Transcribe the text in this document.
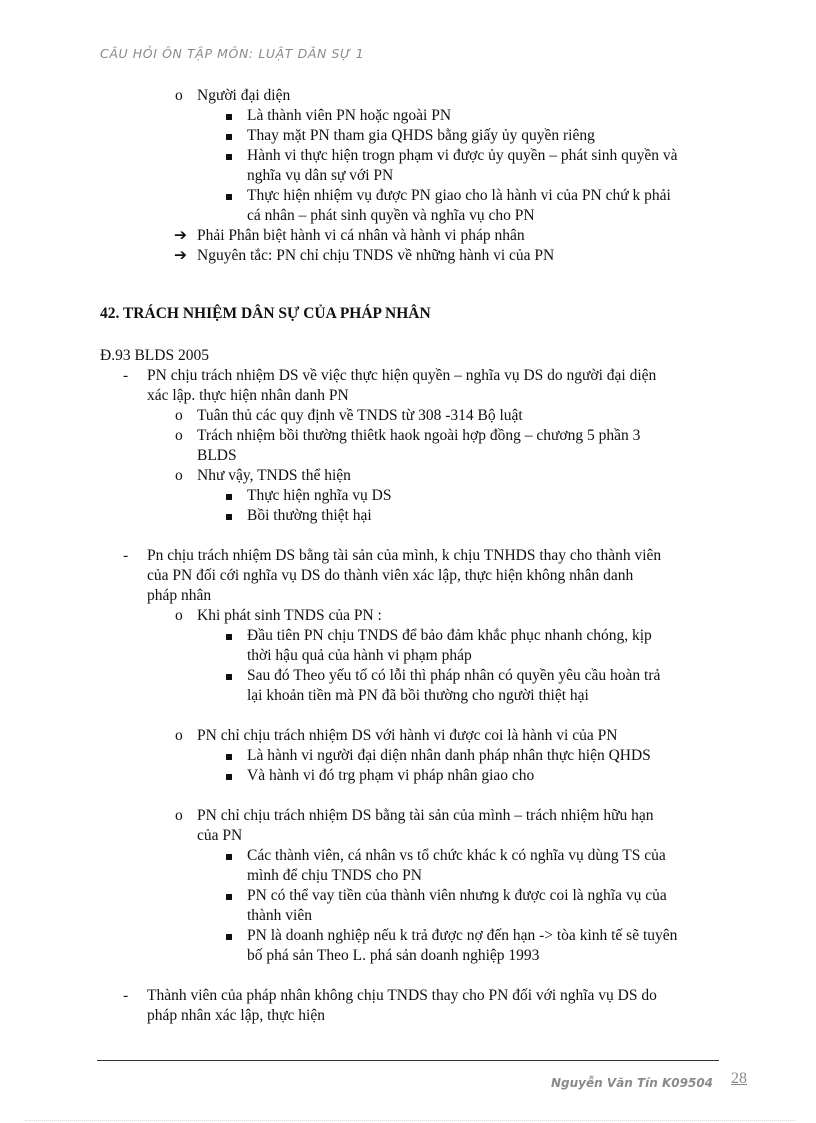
CÂU HỎI ÔN TẬP MÔN: LUẬT DÂN SỰ 1
o Người đại diện
Là thành viên PN hoặc ngoài PN
Thay mặt PN tham gia QHDS bằng giấy ủy quyền riêng
Hành vi thực hiện trogn phạm vi được ủy quyền – phát sinh quyền và
nghĩa vụ dân sự với PN
Thực hiện nhiệm vụ được PN giao cho là hành vi của PN chứ k phải
cá nhân – phát sinh quyền và nghĩa vụ cho PN
➔ Phải Phân biệt hành vi cá nhân và hành vi pháp nhân
➔ Nguyên tắc: PN chỉ chịu TNDS về những hành vi của PN
42. TRÁCH NHIỆM DÂN SỰ CỦA PHÁP NHÂN
Đ.93 BLDS 2005
- PN chịu trách nhiệm DS về việc thực hiện quyền – nghĩa vụ DS do người đại diện
xác lập. thực hiện nhân danh PN
o Tuân thủ các quy định về TNDS từ 308 -314 Bộ luật
o Trách nhiệm bồi thường thiêtk haok ngoài hợp đồng – chương 5 phần 3
BLDS
o Như vậy, TNDS thể hiện
Thực hiện nghĩa vụ DS
Bồi thường thiệt hại
- Pn chịu trách nhiệm DS bằng tài sản của mình, k chịu TNHDS thay cho thành viên
của PN đối cới nghĩa vụ DS do thành viên xác lập, thực hiện không nhân danh
pháp nhân
o Khi phát sinh TNDS của PN :
Đầu tiên PN chịu TNDS để bảo đảm khắc phục nhanh chóng, kịp
thời hậu quả của hành vi phạm pháp
Sau đó Theo yếu tố có lỗi thì pháp nhân có quyền yêu cầu hoàn trả
lại khoản tiền mà PN đã bồi thường cho người thiệt hại
o PN chỉ chịu trách nhiệm DS với hành vi được coi là hành vi của PN
Là hành vi người đại diện nhân danh pháp nhân thực hiện QHDS
Và hành vi đó trg phạm vi pháp nhân giao cho
o PN chỉ chịu trách nhiệm DS bằng tài sản của mình – trách nhiệm hữu hạn
của PN
Các thành viên, cá nhân vs tổ chức khác k có nghĩa vụ dùng TS của
mình để chịu TNDS cho PN
PN có thể vay tiền của thành viên nhưng k được coi là nghĩa vụ của
thành viên
PN là doanh nghiệp nếu k trả được nợ đến hạn -> tòa kinh tế sẽ tuyên
bố phá sản Theo L. phá sản doanh nghiệp 1993
- Thành viên của pháp nhân không chịu TNDS thay cho PN đối với nghĩa vụ DS do
pháp nhân xác lập, thực hiện
Nguyễn Văn Tín K09504 28
